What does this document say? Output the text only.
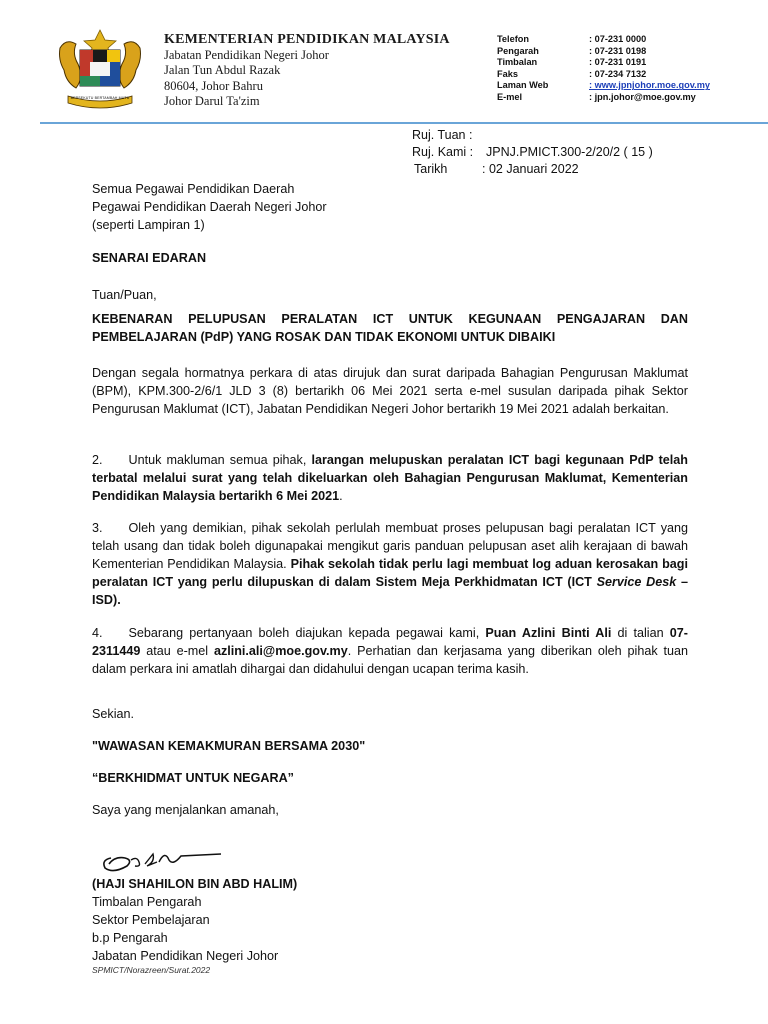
BERSEKUTU BERTAMBAH MUTU
KEMENTERIAN PENDIDIKAN MALAYSIA
Jabatan Pendidikan Negeri Johor
Jalan Tun Abdul Razak
80604, Johor Bahru
Johor Darul Ta'zim
Telefon	: 07-231 0000
Pengarah	: 07-231 0198
Timbalan	: 07-231 0191
Faks	: 07-234 7132
Laman Web	: www.jpnjohor.moe.gov.my
E-mel	: jpn.johor@moe.gov.my
Ruj. Tuan :
Ruj. Kami :	JPNJ.PMICT.300-2/20/2 ( 15 )
Tarikh	: 02 Januari 2022
Semua Pegawai Pendidikan Daerah
Pegawai Pendidikan Daerah Negeri Johor
(seperti Lampiran 1)
SENARAI EDARAN
Tuan/Puan,
KEBENARAN PELUPUSAN PERALATAN ICT UNTUK KEGUNAAN PENGAJARAN DAN PEMBELAJARAN (PdP) YANG ROSAK DAN TIDAK EKONOMI UNTUK DIBAIKI
Dengan segala hormatnya perkara di atas dirujuk dan surat daripada Bahagian Pengurusan Maklumat (BPM), KPM.300-2/6/1 JLD 3 (8) bertarikh 06 Mei 2021 serta e-mel susulan daripada pihak Sektor Pengurusan Maklumat (ICT), Jabatan Pendidikan Negeri Johor bertarikh 19 Mei 2021 adalah berkaitan.
2. Untuk makluman semua pihak, larangan melupuskan peralatan ICT bagi kegunaan PdP telah terbatal melalui surat yang telah dikeluarkan oleh Bahagian Pengurusan Maklumat, Kementerian Pendidikan Malaysia bertarikh 6 Mei 2021.
3. Oleh yang demikian, pihak sekolah perlulah membuat proses pelupusan bagi peralatan ICT yang telah usang dan tidak boleh digunapakai mengikut garis panduan pelupusan aset alih kerajaan di bawah Kementerian Pendidikan Malaysia. Pihak sekolah tidak perlu lagi membuat log aduan kerosakan bagi peralatan ICT yang perlu dilupuskan di dalam Sistem Meja Perkhidmatan ICT (ICT Service Desk – ISD).
4. Sebarang pertanyaan boleh diajukan kepada pegawai kami, Puan Azlini Binti Ali di talian 07-2311449 atau e-mel azlini.ali@moe.gov.my. Perhatian dan kerjasama yang diberikan oleh pihak tuan dalam perkara ini amatlah dihargai dan didahului dengan ucapan terima kasih.
Sekian.
"WAWASAN KEMAKMURAN BERSAMA 2030"
“BERKHIDMAT UNTUK NEGARA”
Saya yang menjalankan amanah,
(HAJI SHAHILON BIN ABD HALIM)
Timbalan Pengarah
Sektor Pembelajaran
b.p Pengarah
Jabatan Pendidikan Negeri Johor
SPMICT/Norazreen/Surat.2022
